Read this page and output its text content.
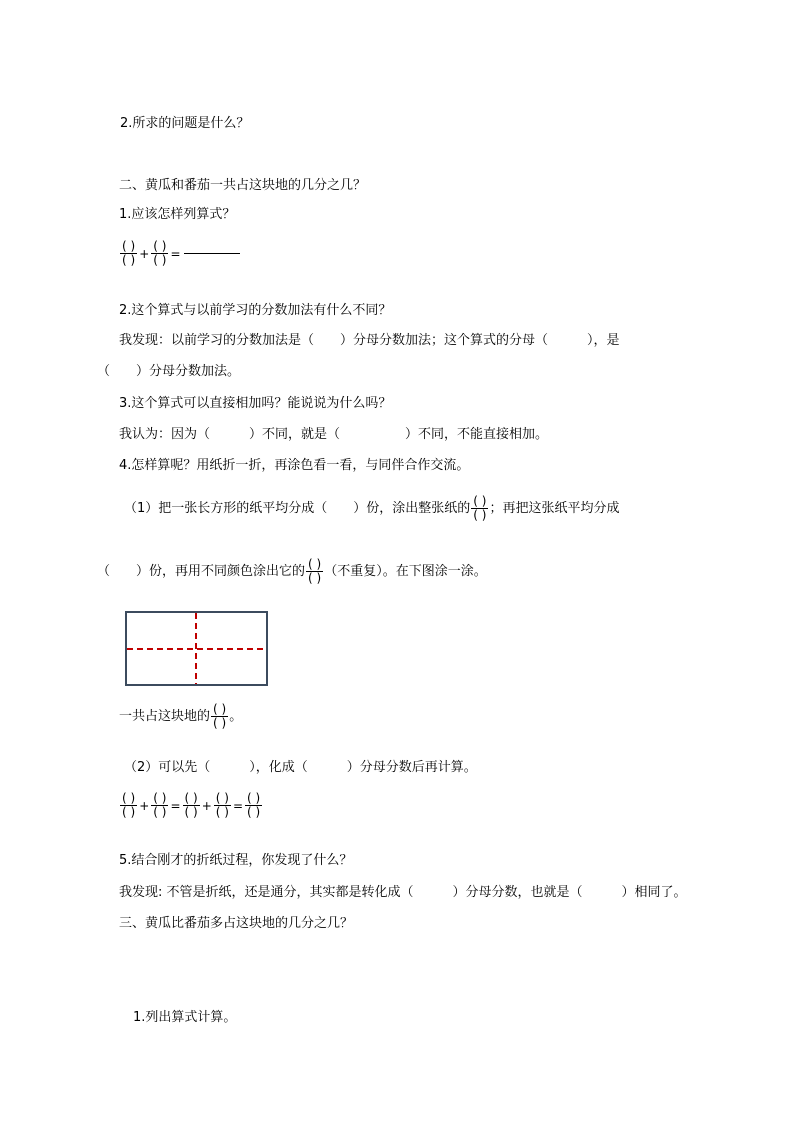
2.所求的问题是什么？
二、黄瓜和番茄一共占这块地的几分之几？
1.应该怎样列算式？
$\frac{( )}{( )} + \frac{( )}{( )}$ =
2.这个算式与以前学习的分数加法有什么不同？
我发现：以前学习的分数加法是（　　）分母分数加法；这个算式的分母（　　　），是
（　　）分母分数加法。
3.这个算式可以直接相加吗？能说说为什么吗？
我认为：因为（　　　）不同，就是（　　　　　）不同，不能直接相加。
4.怎样算呢？用纸折一折，再涂色看一看，与同伴合作交流。
（1）把一张长方形的纸平均分成（　　）份，涂出整张纸的 $\frac{( )}{( )}$ ；再把这张纸平均分成
（　　）份，再用不同颜色涂出它的 $\frac{( )}{( )}$ （不重复）。在下图涂一涂。
一共占这块地的 $\frac{( )}{( )}$ 。
（2）可以先（　　　），化成（　　　）分母分数后再计算。
$\frac{( )}{( )} + \frac{( )}{( )} = \frac{( )}{( )} + \frac{( )}{( )} = \frac{( )}{( )}$
5.结合刚才的折纸过程，你发现了什么？
我发现: 不管是折纸，还是通分，其实都是转化成（　　　）分母分数，也就是（　　　）相同了。
三、黄瓜比番茄多占这块地的几分之几？
1.列出算式计算。
